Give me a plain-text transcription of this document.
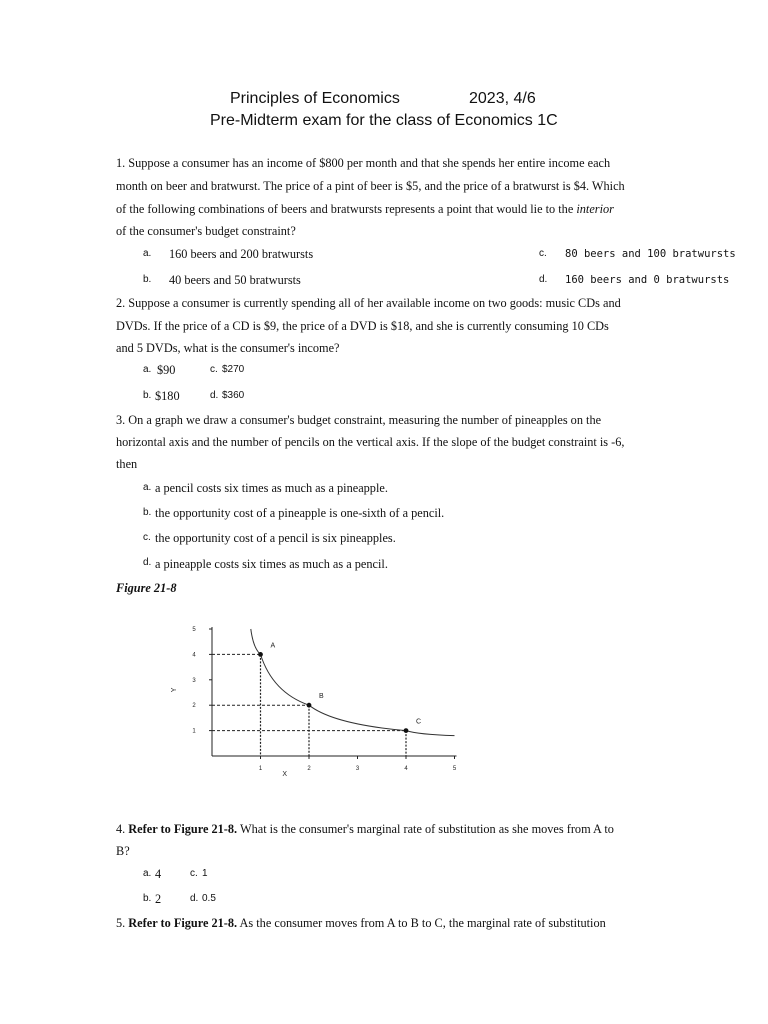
Principles of Economics	2023, 4/6
Pre-Midterm exam for the class of Economics 1C
1. Suppose a consumer has an income of $800 per month and that she spends her entire income each
month on beer and bratwurst. The price of a pint of beer is $5, and the price of a bratwurst is $4. Which
of the following combinations of beers and bratwursts represents a point that would lie to the interior
of the consumer's budget constraint?
a. 160 beers and 200 bratwursts
b. 40 beers and 50 bratwursts
c. 80 beers and 100 bratwursts
d. 160 beers and 0 bratwursts
2. Suppose a consumer is currently spending all of her available income on two goods: music CDs and
DVDs. If the price of a CD is $9, the price of a DVD is $18, and she is currently consuming 10 CDs
and 5 DVDs, what is the consumer's income?
a. $90	c. $270
b. $180	d. $360
3. On a graph we draw a consumer's budget constraint, measuring the number of pineapples on the
horizontal axis and the number of pencils on the vertical axis. If the slope of the budget constraint is -6,
then
a. a pencil costs six times as much as a pineapple.
b. the opportunity cost of a pineapple is one-sixth of a pencil.
c. the opportunity cost of a pencil is six pineapples.
d. a pineapple costs six times as much as a pencil.
Figure 21-8
1	2	3	4	5
1
2
3
4
5
X
Y
A
B
C
4. Refer to Figure 21-8. What is the consumer's marginal rate of substitution as she moves from A to
B?
a. 4	c. 1
b. 2	d. 0.5
5. Refer to Figure 21-8. As the consumer moves from A to B to C, the marginal rate of substitution
